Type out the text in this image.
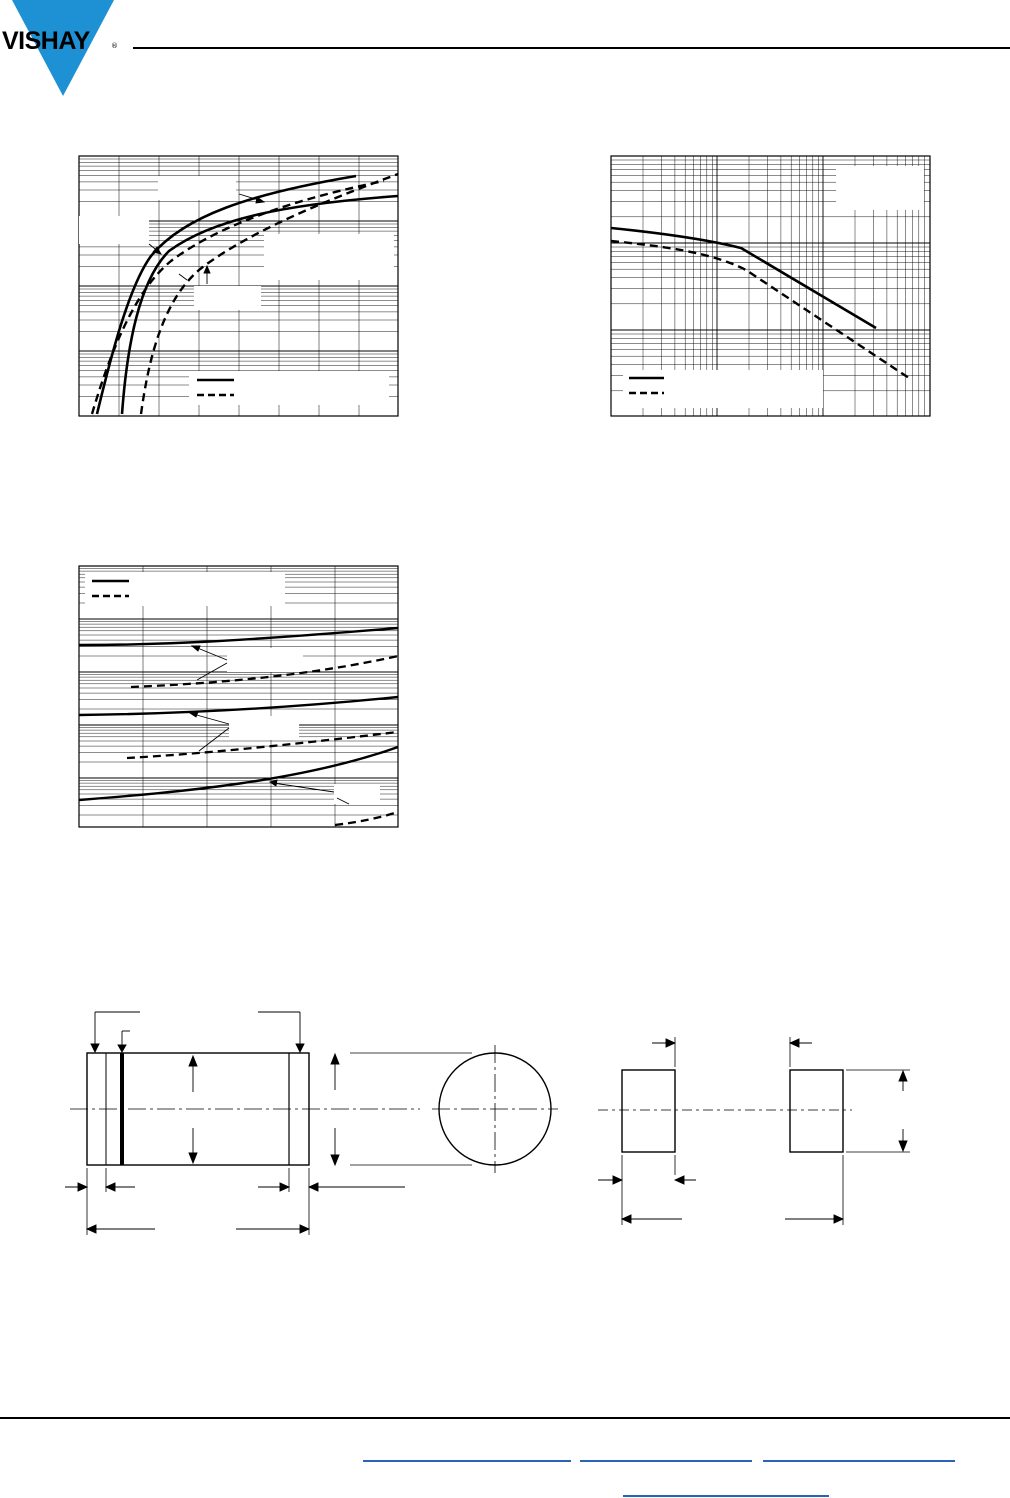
VISHAY	®
